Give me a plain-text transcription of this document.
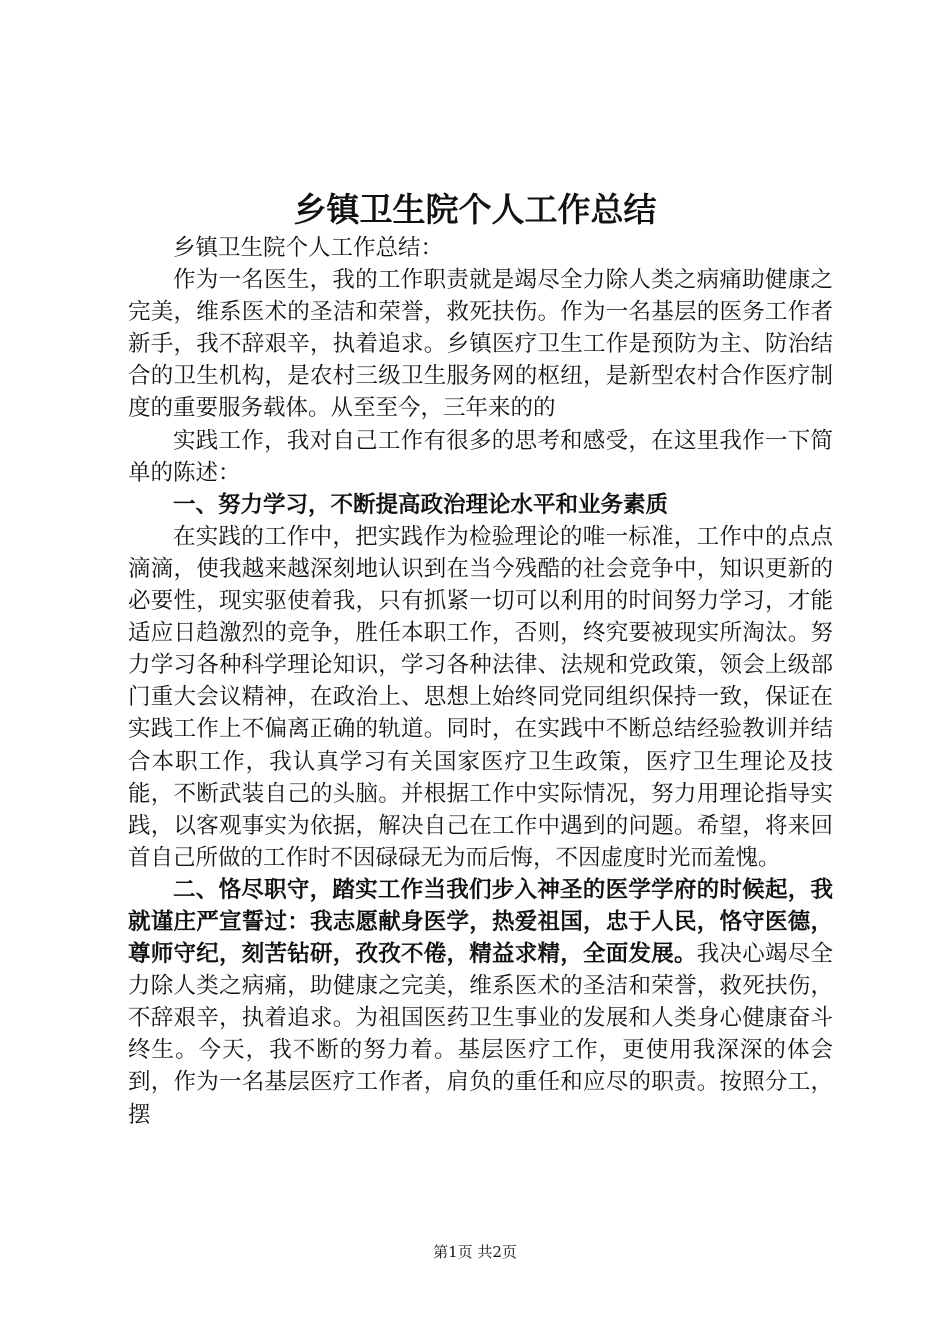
乡镇卫生院个人工作总结

乡镇卫生院个人工作总结：

作为一名医生，我的工作职责就是竭尽全力除人类之病痛助健康之完美，维系医术的圣洁和荣誉，救死扶伤。作为一名基层的医务工作者新手，我不辞艰辛，执着追求。乡镇医疗卫生工作是预防为主、防治结合的卫生机构，是农村三级卫生服务网的枢纽，是新型农村合作医疗制度的重要服务载体。从至至今，三年来的的

实践工作，我对自己工作有很多的思考和感受，在这里我作一下简单的陈述：

一、努力学习，不断提高政治理论水平和业务素质

在实践的工作中，把实践作为检验理论的唯一标准，工作中的点点滴滴，使我越来越深刻地认识到在当今残酷的社会竞争中，知识更新的必要性，现实驱使着我，只有抓紧一切可以利用的时间努力学习，才能适应日趋激烈的竞争，胜任本职工作，否则，终究要被现实所淘汰。努力学习各种科学理论知识，学习各种法律、法规和党政策，领会上级部门重大会议精神，在政治上、思想上始终同党同组织保持一致，保证在实践工作上不偏离正确的轨道。同时，在实践中不断总结经验教训并结合本职工作，我认真学习有关国家医疗卫生政策，医疗卫生理论及技能，不断武装自己的头脑。并根据工作中实际情况，努力用理论指导实践，以客观事实为依据，解决自己在工作中遇到的问题。希望，将来回首自己所做的工作时不因碌碌无为而后悔，不因虚度时光而羞愧。

二、恪尽职守，踏实工作当我们步入神圣的医学学府的时候起，我就谨庄严宣誓过：我志愿献身医学，热爱祖国，忠于人民，恪守医德，尊师守纪，刻苦钻研，孜孜不倦，精益求精，全面发展。我决心竭尽全力除人类之病痛，助健康之完美，维系医术的圣洁和荣誉，救死扶伤，不辞艰辛，执着追求。为祖国医药卫生事业的发展和人类身心健康奋斗终生。今天，我不断的努力着。基层医疗工作，更使用我深深的体会到，作为一名基层医疗工作者，肩负的重任和应尽的职责。按照分工，摆

第1页 共2页
